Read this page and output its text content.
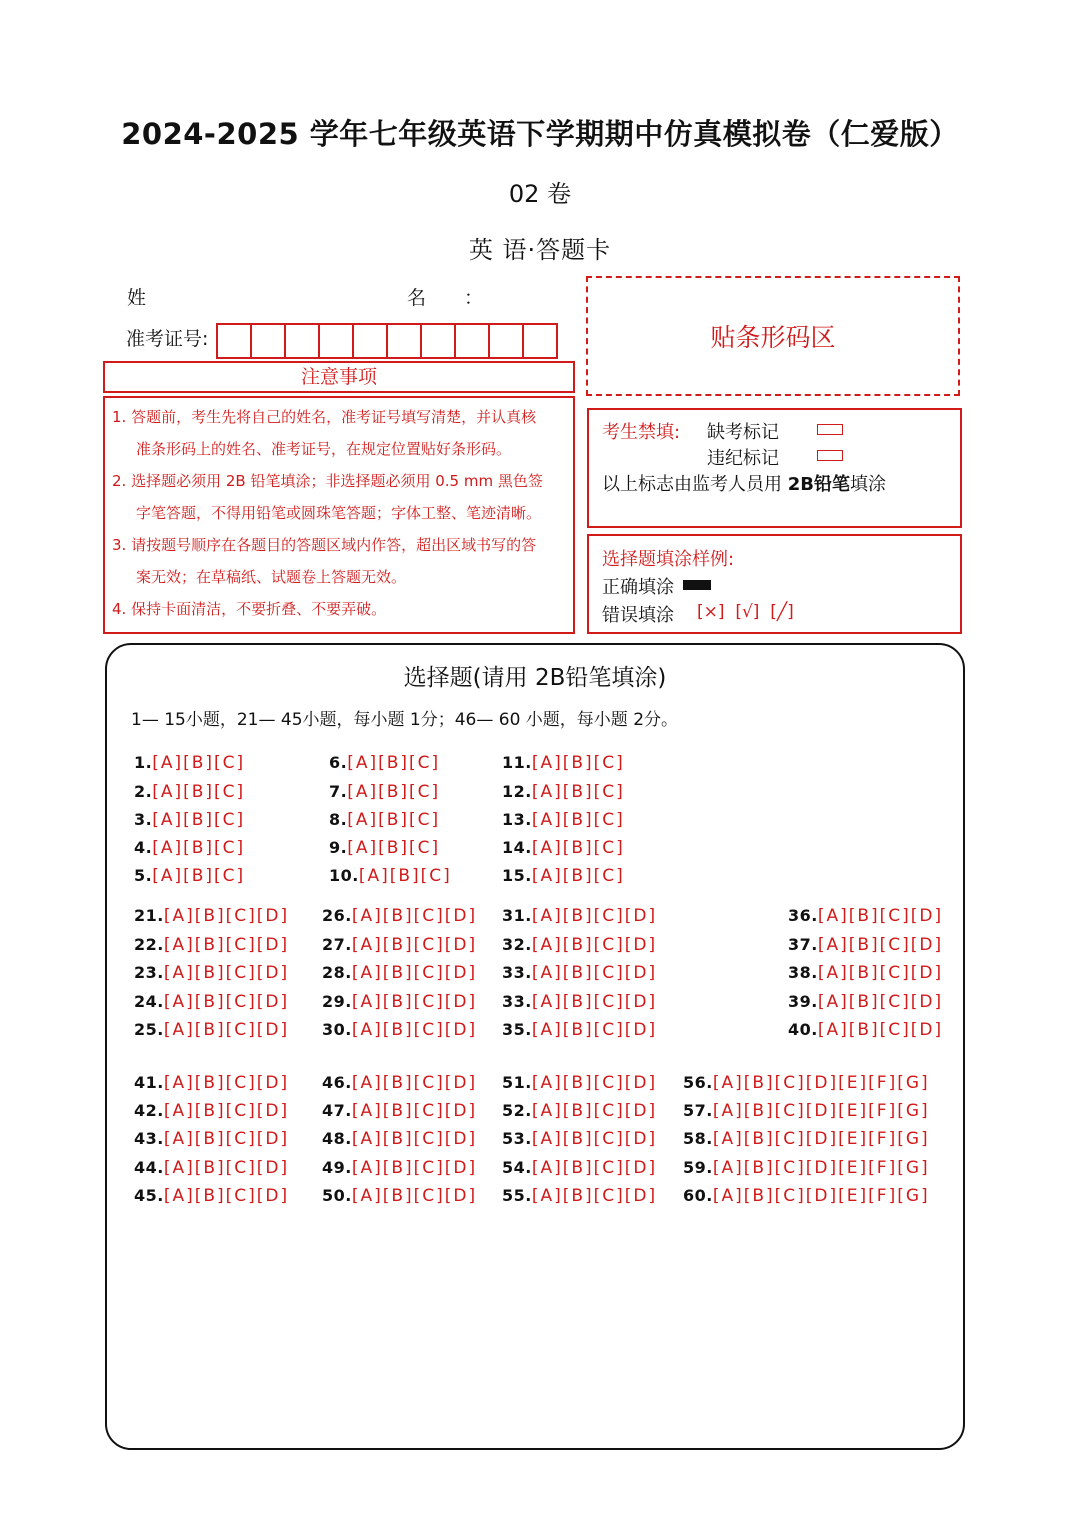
2024-2025 学年七年级英语下学期期中仿真模拟卷（仁爱版）
02 卷
英 语·答题卡
姓	名 ：
准考证号:	贴条形码区
注意事项

1. 答题前，考生先将自己的姓名，准考证号填写清楚，并认真核

准条形码上的姓名、准考证号，在规定位置贴好条形码。

2. 选择题必须用 2B 铅笔填涂；非选择题必须用 0.5 mm 黑色签

字笔答题，不得用铅笔或圆珠笔答题；字体工整、笔迹清晰。

3. 请按题号顺序在各题目的答题区域内作答，超出区域书写的答

案无效；在草稿纸、试题卷上答题无效。

4. 保持卡面清洁，不要折叠、不要弄破。

考生禁填: 缺考标记
违纪标记
以上标志由监考人员用 2B铅笔填涂
选择题填涂样例:
正确填涂
错误填涂 [×]  [√]  [╱]
选择题(请用 2B铅笔填涂)
1— 15小题，21— 45小题，每小题 1分；46— 60 小题，每小题 2分。
1.[A][B][C]
2.[A][B][C]
3.[A][B][C]
4.[A][B][C]
5.[A][B][C]
6.[A][B][C]
7.[A][B][C]
8.[A][B][C]
9.[A][B][C]
10.[A][B][C]
11.[A][B][C]
12.[A][B][C]
13.[A][B][C]
14.[A][B][C]
15.[A][B][C]
21.[A][B][C][D]
22.[A][B][C][D]
23.[A][B][C][D]
24.[A][B][C][D]
25.[A][B][C][D]
26.[A][B][C][D]
27.[A][B][C][D]
28.[A][B][C][D]
29.[A][B][C][D]
30.[A][B][C][D]
31.[A][B][C][D]
32.[A][B][C][D]
33.[A][B][C][D]
33.[A][B][C][D]
35.[A][B][C][D]
36.[A][B][C][D]
37.[A][B][C][D]
38.[A][B][C][D]
39.[A][B][C][D]
40.[A][B][C][D]
41.[A][B][C][D]
42.[A][B][C][D]
43.[A][B][C][D]
44.[A][B][C][D]
45.[A][B][C][D]
46.[A][B][C][D]
47.[A][B][C][D]
48.[A][B][C][D]
49.[A][B][C][D]
50.[A][B][C][D]
51.[A][B][C][D]
52.[A][B][C][D]
53.[A][B][C][D]
54.[A][B][C][D]
55.[A][B][C][D]
56.[A][B][C][D][E][F][G]
57.[A][B][C][D][E][F][G]
58.[A][B][C][D][E][F][G]
59.[A][B][C][D][E][F][G]
60.[A][B][C][D][E][F][G]
